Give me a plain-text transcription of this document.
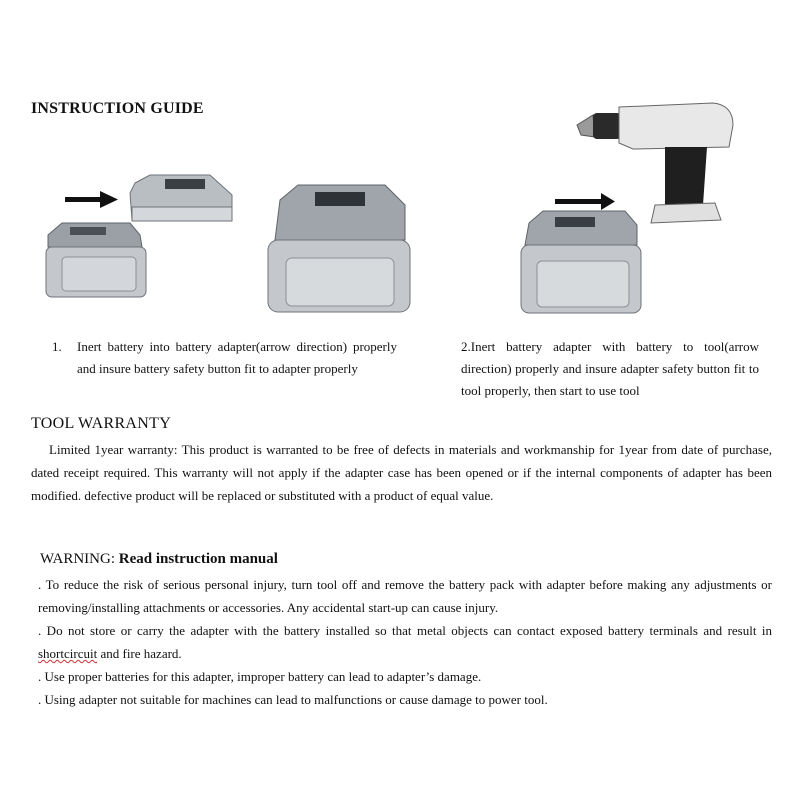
INSTRUCTION GUIDE
1. Inert battery into battery adapter(arrow direction) properly and insure battery safety button fit to adapter properly
2.Inert battery adapter with battery to tool(arrow direction) properly and insure adapter safety button fit to tool properly, then start to use tool
TOOL WARRANTY
Limited 1year warranty: This product is warranted to be free of defects in materials and workmanship for 1year from date of purchase, dated receipt required. This warranty will not apply if the adapter case has been opened or if the internal components of adapter has been modified. defective product will be replaced or substituted with a product of equal value.
WARNING: Read instruction manual
. To reduce the risk of serious personal injury, turn tool off and remove the battery pack with adapter before making any adjustments or removing/installing attachments or accessories. Any accidental start-up can cause injury.
. Do not store or carry the adapter with the battery installed so that metal objects can contact exposed battery terminals and result in shortcircuit and fire hazard.
. Use proper batteries for this adapter, improper battery can lead to adapter’s damage.
. Using adapter not suitable for machines can lead to malfunctions or cause damage to power tool.
